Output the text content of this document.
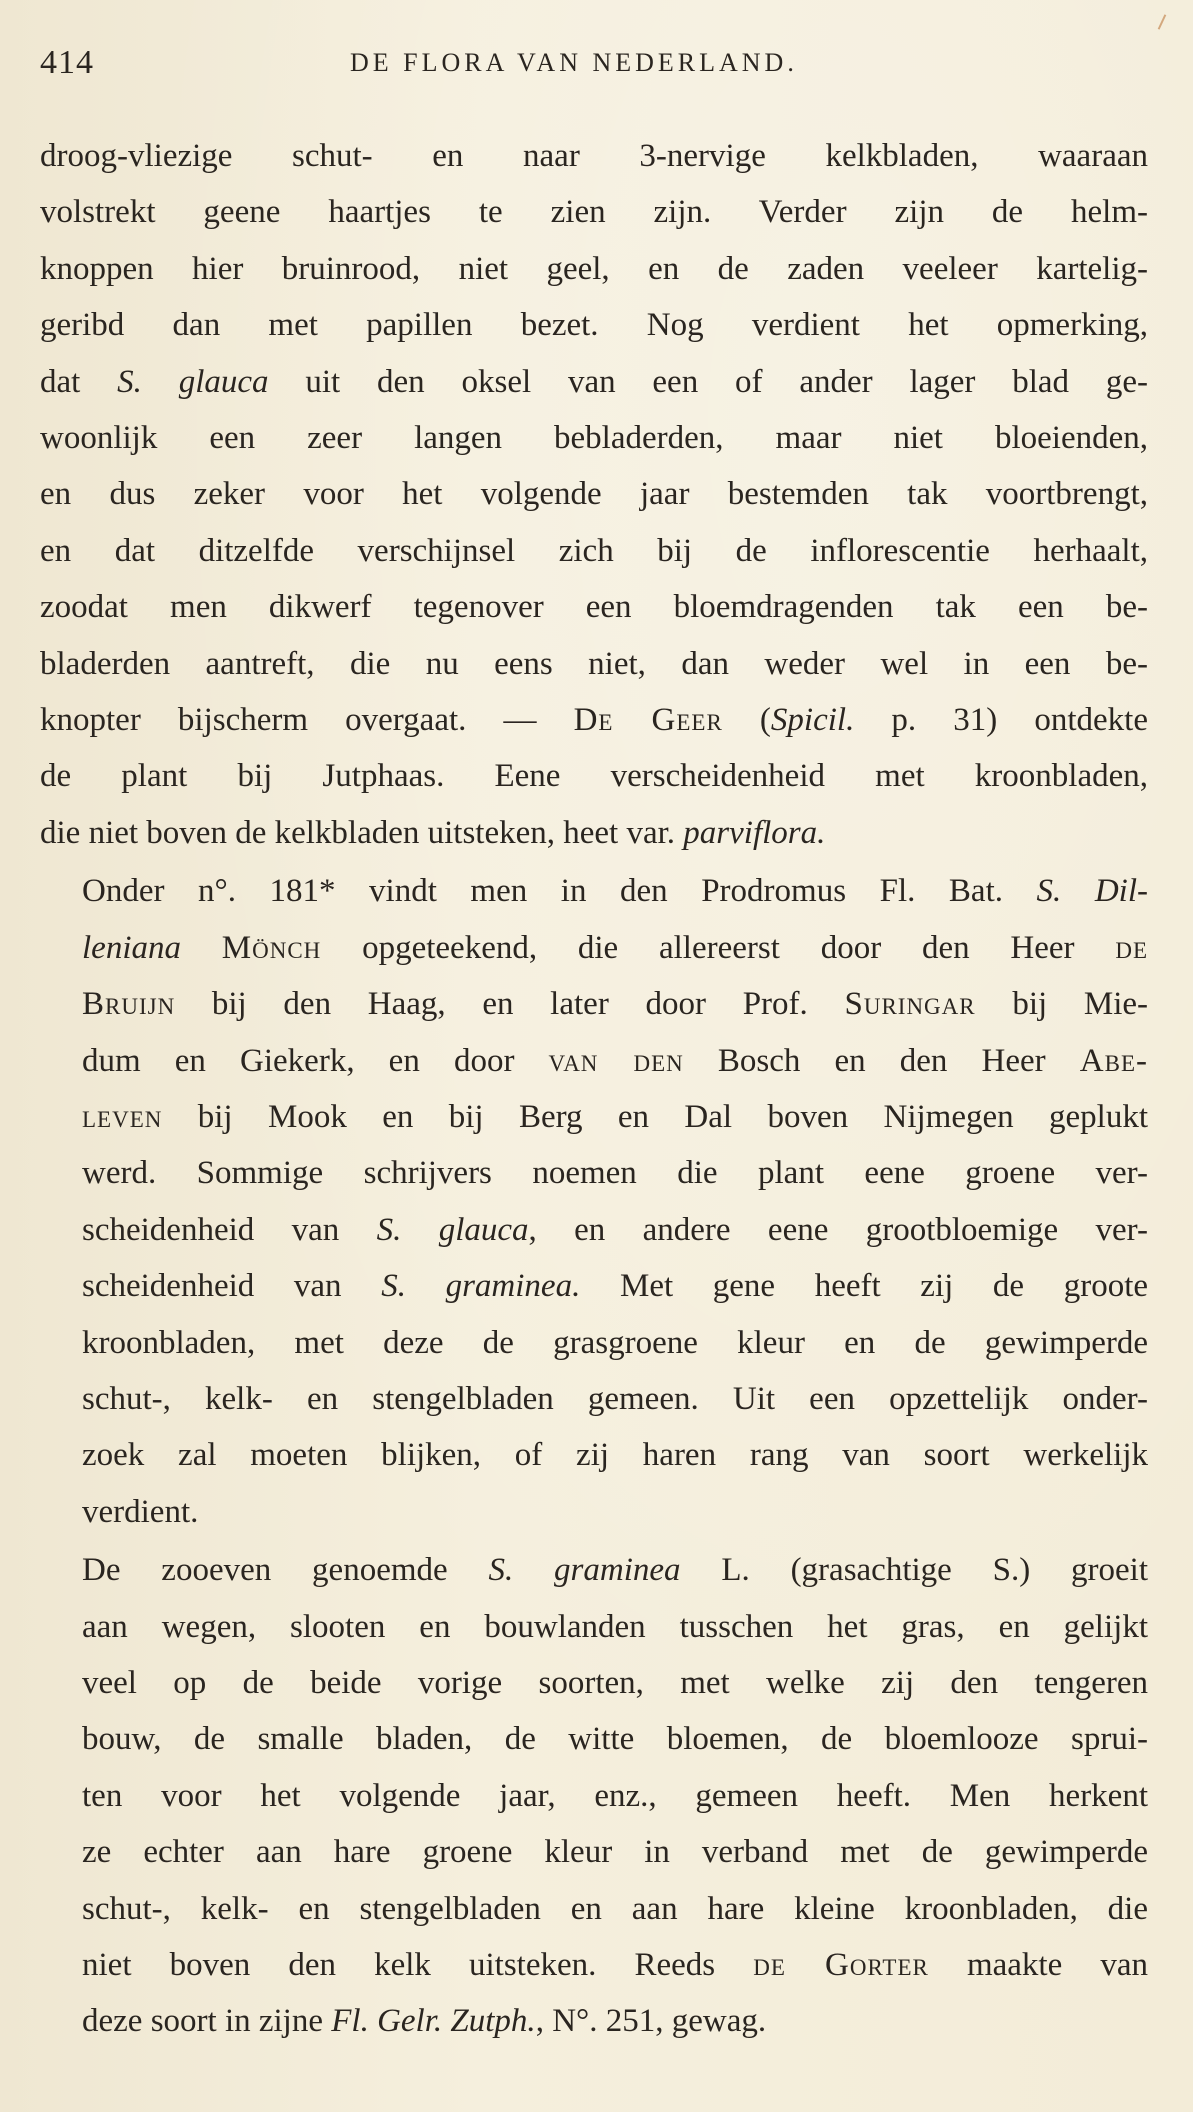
414	DE FLORA VAN NEDERLAND.
droog-vliezige schut- en naar 3-nervige kelkbladen, waaraan
volstrekt geene haartjes te zien zijn. Verder zijn de helm-
knoppen hier bruinrood, niet geel, en de zaden veeleer kartelig-
geribd dan met papillen bezet. Nog verdient het opmerking,
dat S. glauca uit den oksel van een of ander lager blad ge-
woonlijk een zeer langen bebladerden, maar niet bloeienden,
en dus zeker voor het volgende jaar bestemden tak voortbrengt,
en dat ditzelfde verschijnsel zich bij de inflorescentie herhaalt,
zoodat men dikwerf tegenover een bloemdragenden tak een be-
bladerden aantreft, die nu eens niet, dan weder wel in een be-
knopter bijscherm overgaat. — De Geer (Spicil. p. 31) ontdekte
de plant bij Jutphaas. Eene verscheidenheid met kroonbladen,
die niet boven de kelkbladen uitsteken, heet var. parviflora.
Onder n°. 181* vindt men in den Prodromus Fl. Bat. S. Dil-
leniana Mönch opgeteekend, die allereerst door den Heer de
Bruijn bij den Haag, en later door Prof. Suringar bij Mie-
dum en Giekerk, en door van den Bosch en den Heer Abe-
leven bij Mook en bij Berg en Dal boven Nijmegen geplukt
werd. Sommige schrijvers noemen die plant eene groene ver-
scheidenheid van S. glauca, en andere eene grootbloemige ver-
scheidenheid van S. graminea. Met gene heeft zij de groote
kroonbladen, met deze de grasgroene kleur en de gewimperde
schut-, kelk- en stengelbladen gemeen. Uit een opzettelijk onder-
zoek zal moeten blijken, of zij haren rang van soort werkelijk
verdient.
De zooeven genoemde S. graminea L. (grasachtige S.) groeit
aan wegen, slooten en bouwlanden tusschen het gras, en gelijkt
veel op de beide vorige soorten, met welke zij den tengeren
bouw, de smalle bladen, de witte bloemen, de bloemlooze sprui-
ten voor het volgende jaar, enz., gemeen heeft. Men herkent
ze echter aan hare groene kleur in verband met de gewimperde
schut-, kelk- en stengelbladen en aan hare kleine kroonbladen, die
niet boven den kelk uitsteken. Reeds de Gorter maakte van
deze soort in zijne Fl. Gelr. Zutph., N°. 251, gewag.
